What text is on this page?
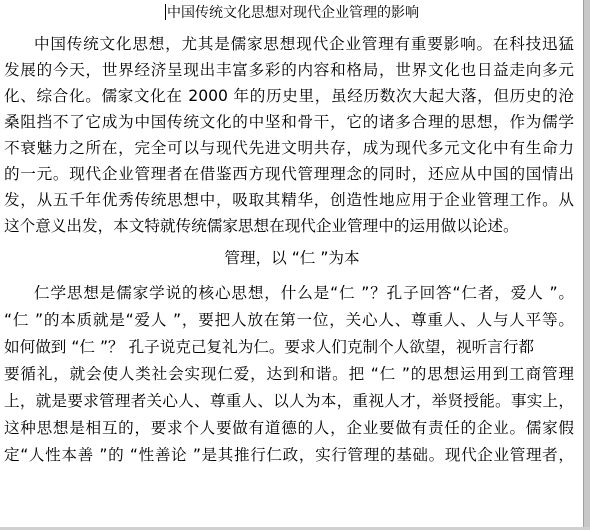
中国传统文化思想对现代企业管理的影响
中国传统文化思想，尤其是儒家思想现代企业管理有重要影响。在科技迅猛
发展的今天，世界经济呈现出丰富多彩的内容和格局，世界文化也日益走向多元
化、综合化。儒家文化在 2000 年的历史里，虽经历数次大起大落，但历史的沧
桑阻挡不了它成为中国传统文化的中坚和骨干，它的诸多合理的思想，作为儒学
不衰魅力之所在，完全可以与现代先进文明共存，成为现代多元文化中有生命力
的一元。现代企业管理者在借鉴西方现代管理理念的同时，还应从中国的国情出
发，从五千年优秀传统思想中，吸取其精华，创造性地应用于企业管理工作。从
这个意义出发，本文特就传统儒家思想在现代企业管理中的运用做以论述。
管理，以 “仁 ”为本
仁学思想是儒家学说的核心思想，什么是“仁 ”？孔子回答“仁者，爱人 ”。
“仁 ”的本质就是“爱人 ”，要把人放在第一位，关心人、尊重人、人与人平等。
如何做到 “仁 ”？ 孔子说克己复礼为仁。要求人们克制个人欲望，视听言行都
要循礼，就会使人类社会实现仁爱，达到和谐。把 “仁 ”的思想运用到工商管理
上，就是要求管理者关心人、尊重人、以人为本，重视人才，举贤授能。事实上，
这种思想是相互的，要求个人要做有道德的人，企业要做有责任的企业。儒家假
定“人性本善 ”的 “性善论 ”是其推行仁政，实行管理的基础。现代企业管理者，
